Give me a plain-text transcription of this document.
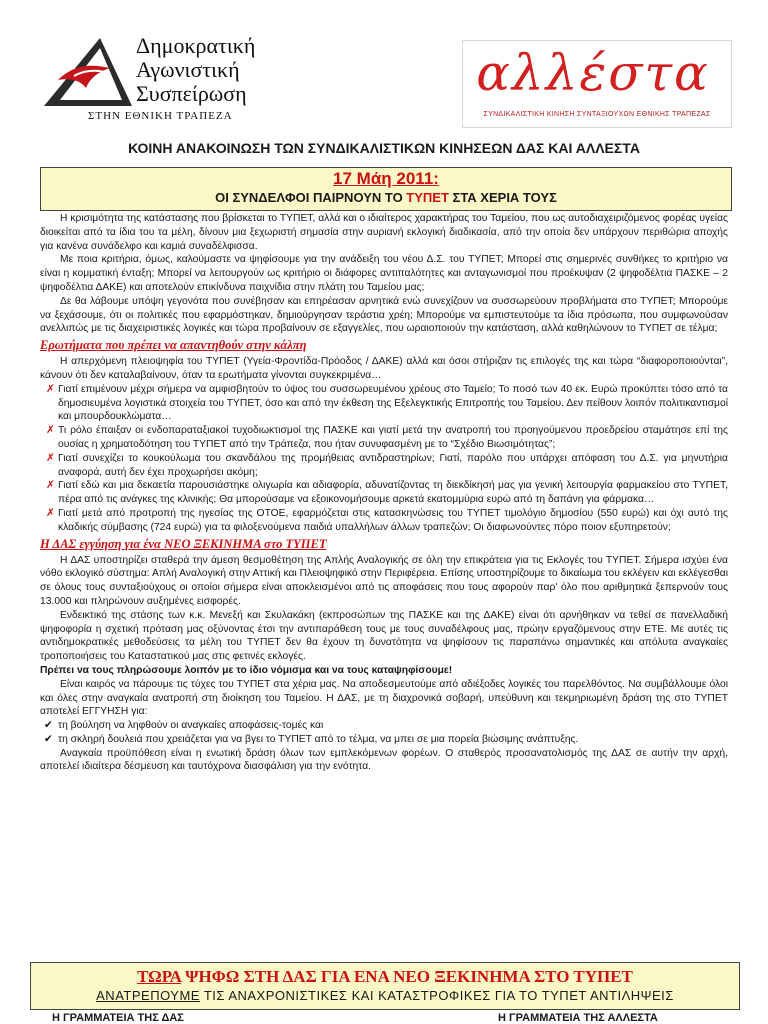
Δημοκρατική
Αγωνιστική
Συσπείρωση
ΣΤΗΝ ΕΘΝΙΚΗ ΤΡΑΠΕΖΑ
αλλέστα
ΣΥΝΔΙΚΑΛΙΣΤΙΚΗ ΚΙΝΗΣΗ ΣΥΝΤΑΞΙΟΥΧΩΝ ΕΘΝΙΚΗΣ ΤΡΑΠΕΖΑΣ
ΚΟΙΝΗ ΑΝΑΚΟΙΝΩΣΗ ΤΩΝ ΣΥΝΔΙΚΑΛΙΣΤΙΚΩΝ ΚΙΝΗΣΕΩΝ ΔΑΣ ΚΑΙ ΑΛΛΕΣΤΑ
17 Μάη 2011:
ΟΙ ΣΥΝΔΕΛΦΟΙ ΠΑΙΡΝΟΥΝ ΤΟ ΤΥΠΕΤ ΣΤΑ ΧΕΡΙΑ ΤΟΥΣ

Η κρισιμότητα της κατάστασης που βρίσκεται το ΤΥΠΕΤ, αλλά και ο ιδιαίτερος χαρακτήρας του Ταμείου, που ως αυτοδιαχειριζόμενος φορέας υγείας διοικείται από τα ίδια του τα μέλη, δίνουν μια ξεχωριστή σημασία στην αυριανή εκλογική διαδικασία, από την οποία δεν υπάρχουν περιθώρια αποχής για κανένα συνάδελφο και καμιά συναδέλφισσα.

Με ποια κριτήρια, όμως, καλούμαστε να ψηφίσουμε για την ανάδειξη του νέου Δ.Σ. του ΤΥΠΕΤ; Μπορεί στις σημερινές συνθήκες το κριτήριο να είναι η κομματική ένταξη; Μπορεί να λειτουργούν ως κριτήριο οι διάφορες αντιπαλότητες και ανταγωνισμοί που προέκυψαν (2 ψηφοδέλτια ΠΑΣΚΕ – 2 ψηφοδέλτια ΔΑΚΕ) και αποτελούν επικίνδυνα παιχνίδια στην πλάτη του Ταμείου μας;

Δε θα λάβουμε υπόψη γεγονότα που συνέβησαν και επηρέασαν αρνητικά ενώ συνεχίζουν να συσσωρεύουν προβλήματα στο ΤΥΠΕΤ; Μπορούμε να ξεχάσουμε, ότι οι πολιτικές που εφαρμόστηκαν, δημιούργησαν τεράστια χρέη; Μπορούμε να εμπιστευτούμε τα ίδια πρόσωπα, που συμφωνούσαν ανελλιπώς με τις διαχειριστικές λογικές και τώρα προβαίνουν σε εξαγγελίες, που ωραιοποιούν την κατάσταση, αλλά καθηλώνουν το ΤΥΠΕΤ σε τέλμα;

Ερωτήματα που πρέπει να απαντηθούν στην κάλπη

Η απερχόμενη πλειοψηφία του ΤΥΠΕΤ (Υγεία-Φροντίδα-Πρόοδος / ΔΑΚΕ) αλλά και όσοι στήριζαν τις επιλογές της και τώρα “διαφοροποιούνται”, κάνουν ότι δεν καταλαβαίνουν, όταν τα ερωτήματα γίνονται συγκεκριμένα…

✗ Γιατί επιμένουν μέχρι σήμερα να αμφισβητούν το ύψος του συσσωρευμένου χρέους στο Ταμείο; Το ποσό των 40 εκ. Ευρώ προκύπτει τόσο από τα δημοσιευμένα λογιστικά στοιχεία του ΤΥΠΕΤ, όσο και από την έκθεση της Εξελεγκτικής Επιτροπής του Ταμείου. Δεν πείθουν λοιπόν πολιτικαντισμοί και μπουρδουκλώματα…
✗ Τι ρόλο έπαιξαν οι ενδοπαραταξιακοί τυχοδιωκτισμοί της ΠΑΣΚΕ και γιατί μετά την ανατροπή του προηγούμενου προεδρείου σταμάτησε επί της ουσίας η χρηματοδότηση του ΤΥΠΕΤ από την Τράπεζα, που ήταν συνυφασμένη με το “Σχέδιο Βιωσιμότητας”;
✗ Γιατί συνεχίζει το κουκούλωμα του σκανδάλου της προμήθειας αντιδραστηρίων; Γιατί, παρόλο που υπάρχει απόφαση του Δ.Σ. για μηνυτήρια αναφορά, αυτή δεν έχει προχωρήσει ακόμη;
✗ Γιατί εδώ και μια δεκαετία παρουσιάστηκε ολιγωρία και αδιαφορία, αδυνατίζοντας τη διεκδίκησή μας για γενική λειτουργία φαρμακείου στο ΤΥΠΕΤ, πέρα από τις ανάγκες της κλινικής; Θα μπορούσαμε να εξοικονομήσουμε αρκετά εκατομμύρια ευρώ από τη δαπάνη για φάρμακα…
✗ Γιατί μετά από προτροπή της ηγεσίας της ΟΤΟΕ, εφαρμόζεται στις κατασκηνώσεις του ΤΥΠΕΤ τιμολόγιο δημοσίου (550 ευρώ) και όχι αυτό της κλαδικής σύμβασης (724 ευρώ) για τα φιλοξενούμενα παιδιά υπαλλήλων άλλων τραπεζών; Οι διαφωνούντες πόρο ποιον εξυπηρετούν;
Η ΔΑΣ εγγύηση για ένα ΝΕΟ ΞΕΚΙΝΗΜΑ στο ΤΥΠΕΤ

Η ΔΑΣ υποστηρίζει σταθερά την άμεση θεσμοθέτηση της Απλής Αναλογικής σε όλη την επικράτεια για τις Εκλογές του ΤΥΠΕΤ. Σήμερα ισχύει ένα νόθο εκλογικό σύστημα: Απλή Αναλογική στην Αττική και Πλειοψηφικό στην Περιφέρεια. Επίσης υποστηρίζουμε το δικαίωμα του εκλέγειν και εκλέγεσθαι σε όλους τους συνταξιούχους οι οποίοι σήμερα είναι αποκλεισμένοι από τις αποφάσεις που τους αφορούν παρ' όλο που αριθμητικά ξεπερνούν τους 13.000 και πληρώνουν αυξημένες εισφορές.

Ενδεικτικό της στάσης των κ.κ. Μενεξή και Σκυλακάκη (εκπροσώπων της ΠΑΣΚΕ και της ΔΑΚΕ) είναι ότι αρνήθηκαν να τεθεί σε πανελλαδική ψηφοφορία η σχετική πρόταση μας οξύνοντας έτσι την αντιπαράθεση τους με τους συναδέλφους μας, πρώην εργαζόμενους στην ΕΤΕ. Με αυτές τις αντιδημοκρατικές μεθοδεύσεις τα μέλη του ΤΥΠΕΤ δεν θα έχουν τη δυνατότητα να ψηφίσουν τις παραπάνω σημαντικές και απόλυτα αναγκαίες τροποποιήσεις του Καταστατικού μας στις φετινές εκλογές.

Πρέπει να τους πληρώσουμε λοιπόν με το ίδιο νόμισμα και να τους καταψηφίσουμε!

Είναι καιρός να πάρουμε τις τύχες του ΤΥΠΕΤ στα χέρια μας. Να αποδεσμευτούμε από αδιέξοδες λογικές του παρελθόντος. Να συμβάλλουμε όλοι και όλες στην αναγκαία ανατροπή στη διοίκηση του Ταμείου. Η ΔΑΣ, με τη διαχρονικά σοβαρή, υπεύθυνη και τεκμηριωμένη δράση της στο ΤΥΠΕΤ αποτελεί ΕΓΓΥΗΣΗ για:

✔ τη βούληση να ληφθούν οι αναγκαίες αποφάσεις-τομές και
✔ τη σκληρή δουλειά που χρειάζεται για να βγει το ΤΥΠΕΤ από το τέλμα, να μπει σε μια πορεία βιώσιμης ανάπτυξης.

Αναγκαία προϋπόθεση είναι η ενωτική δράση όλων των εμπλεκόμενων φορέων. Ο σταθερός προσανατολισμός της ΔΑΣ σε αυτήν την αρχή, αποτελεί ιδιαίτερα δέσμευση και ταυτόχρονα διασφάλιση για την ενότητα.

ΤΩΡΑ ΨΗΦΩ ΣΤΗ ΔΑΣ ΓΙΑ ΕΝΑ ΝΕΟ ΞΕΚΙΝΗΜΑ ΣΤΟ ΤΥΠΕΤ
ΑΝΑΤΡΕΠΟΥΜΕ ΤΙΣ ΑΝΑΧΡΟΝΙΣΤΙΚΕΣ ΚΑΙ ΚΑΤΑΣΤΡΟΦΙΚΕΣ ΓΙΑ ΤΟ ΤΥΠΕΤ ΑΝΤΙΛΗΨΕΙΣ
Η ΓΡΑΜΜΑΤΕΙΑ ΤΗΣ ΔΑΣ	Η ΓΡΑΜΜΑΤΕΙΑ ΤΗΣ ΑΛΛΕΣΤΑ
